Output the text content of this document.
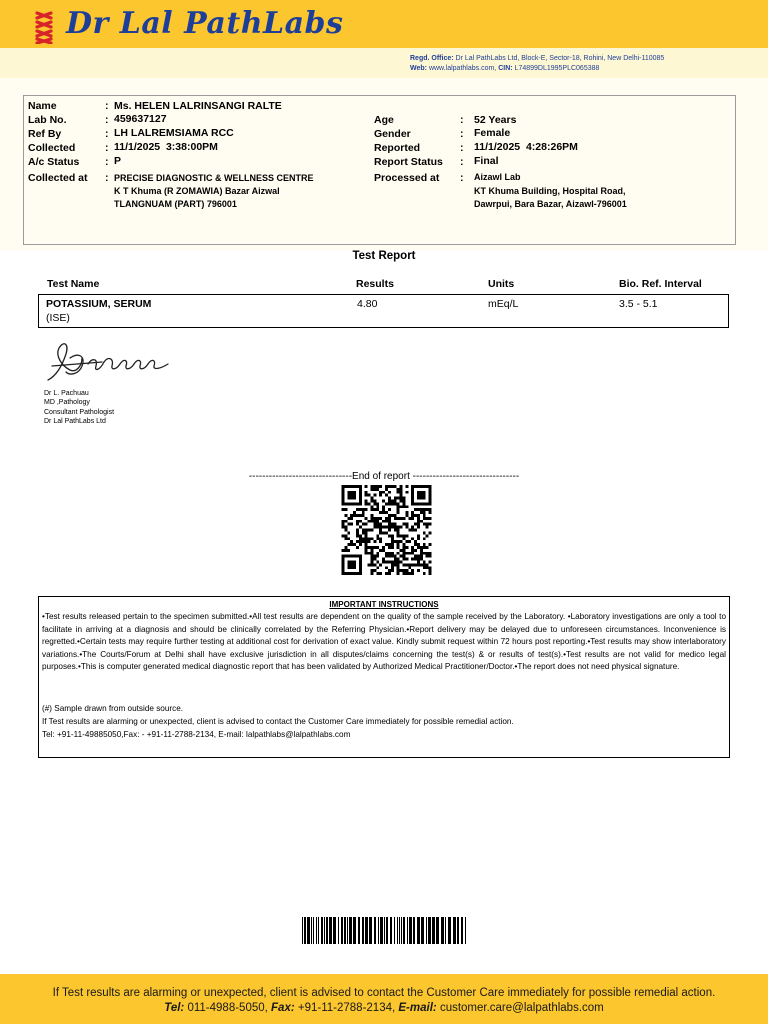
Dr Lal PathLabs
Regd. Office: Dr Lal PathLabs Ltd, Block-E, Sector-18, Rohini, New Delhi-110085
Web: www.lalpathlabs.com, CIN: L74899DL1995PLC065388
Name	: Ms. HELEN LALRINSANGI RALTE
Lab No.	: 459637127
Ref By	: LH LALREMSIAMA RCC
Collected	: 11/1/2025  3:38:00PM
A/c Status : P
Collected at : PRECISE DIAGNOSTIC & WELLNESS CENTRE
K T Khuma (R ZOMAWIA) Bazar Aizwal
TLANGNUAM (PART) 796001
Age	: 52 Years
Gender	: Female
Reported	: 11/1/2025  4:28:26PM
Report Status : Final
Processed at : Aizawl Lab
KT Khuma Building, Hospital Road,
Dawrpui, Bara Bazar, Aizawl-796001
Test Report
Test Name	Results	Units	Bio. Ref. Interval
POTASSIUM, SERUM
(ISE)
4.80	mEq/L	3.5 - 5.1
Dr L. Pachuau
MD ,Pathology
Consultant Pathologist
Dr Lal PathLabs Ltd
-------------------------------End of report --------------------------------
IMPORTANT INSTRUCTIONS
•Test results released pertain to the specimen submitted.•All test results are dependent on the quality of the sample received by the Laboratory. •Laboratory investigations are only a tool to facilitate in arriving at a diagnosis and should be clinically correlated by the Referring Physician.•Report delivery may be delayed due to unforeseen circumstances. Inconvenience is regretted.•Certain tests may require further testing at additional cost for derivation of exact value. Kindly submit request within 72 hours post reporting.•Test results may show interlaboratory variations.•The Courts/Forum at Delhi shall have exclusive jurisdiction in all disputes/claims concerning the test(s) & or results of test(s).•Test results are not valid for medico legal purposes.•This is computer generated medical diagnostic report that has been validated by Authorized Medical Practitioner/Doctor.•The report does not need physical signature.
(#) Sample drawn from outside source.
If Test results are alarming or unexpected, client is advised to contact the Customer Care immediately for possible remedial action.
Tel: +91-11-49885050,Fax: - +91-11-2788-2134, E-mail: lalpathlabs@lalpathlabs.com
If Test results are alarming or unexpected, client is advised to contact the Customer Care immediately for possible remedial action.
Tel: 011-4988-5050, Fax: +91-11-2788-2134, E-mail: customer.care@lalpathlabs.com
